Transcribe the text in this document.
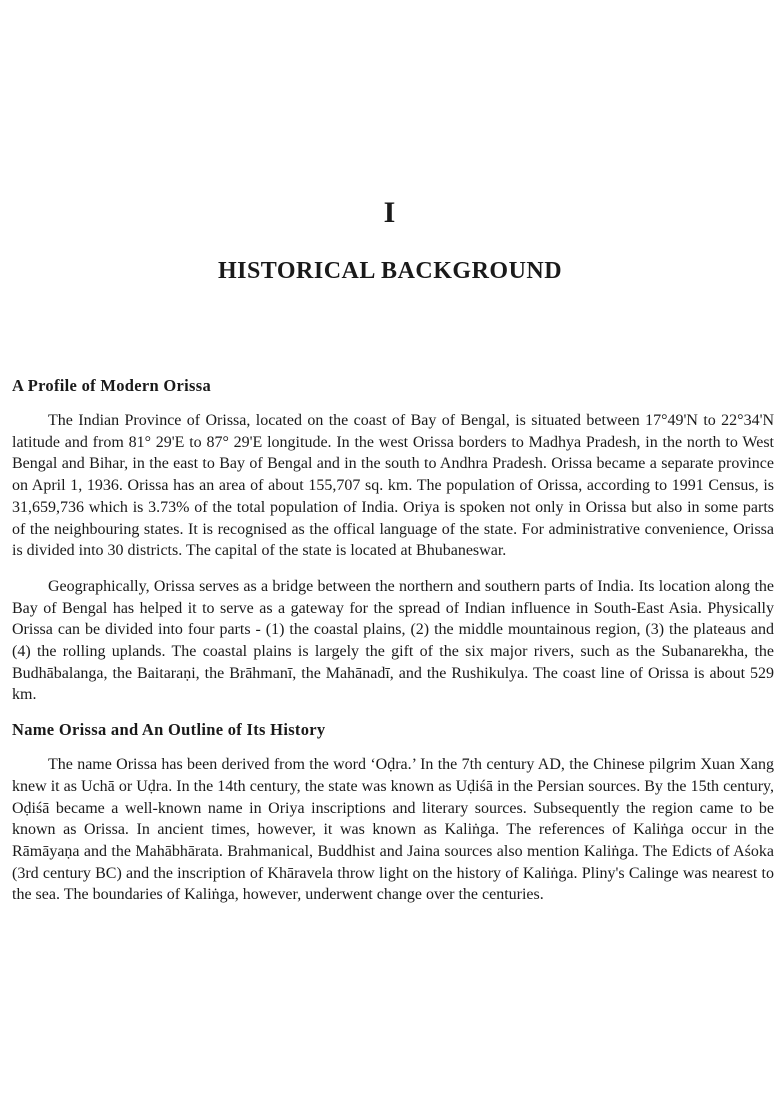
I
HISTORICAL BACKGROUND
A Profile of Modern Orissa

The Indian Province of Orissa, located on the coast of Bay of Bengal, is situated between 17°49'N to 22°34'N latitude and from 81° 29'E to 87° 29'E longitude. In the west Orissa borders to Madhya Pradesh, in the north to West Bengal and Bihar, in the east to Bay of Bengal and in the south to Andhra Pradesh. Orissa became a separate province on April 1, 1936. Orissa has an area of about 155,707 sq. km. The population of Orissa, according to 1991 Census, is 31,659,736 which is 3.73% of the total population of India. Oriya is spoken not only in Orissa but also in some parts of the neighbouring states. It is recognised as the offical language of the state. For administrative convenience, Orissa is divided into 30 districts. The capital of the state is located at Bhubaneswar.

Geographically, Orissa serves as a bridge between the northern and southern parts of India. Its location along the Bay of Bengal has helped it to serve as a gateway for the spread of Indian influence in South-East Asia. Physically Orissa can be divided into four parts - (1) the coastal plains, (2) the middle mountainous region, (3) the plateaus and (4) the rolling uplands. The coastal plains is largely the gift of the six major rivers, such as the Subanarekha, the Budhābalanga, the Baitaraṇi, the Brāhmanī, the Mahānadī, and the Rushikulya. The coast line of Orissa is about 529 km.

Name Orissa and An Outline of Its History

The name Orissa has been derived from the word ‘Oḍra.’ In the 7th century AD, the Chinese pilgrim Xuan Xang knew it as Uchā or Uḍra. In the 14th century, the state was known as Uḍiśā in the Persian sources. By the 15th century, Oḍiśā became a well-known name in Oriya inscriptions and literary sources. Subsequently the region came to be known as Orissa. In ancient times, however, it was known as Kaliṅga. The references of Kaliṅga occur in the Rāmāyaṇa and the Mahābhārata. Brahmanical, Buddhist and Jaina sources also mention Kaliṅga. The Edicts of Aśoka (3rd century BC) and the inscription of Khāravela throw light on the history of Kaliṅga. Pliny's Calinge was nearest to the sea. The boundaries of Kaliṅga, however, underwent change over the centuries.
